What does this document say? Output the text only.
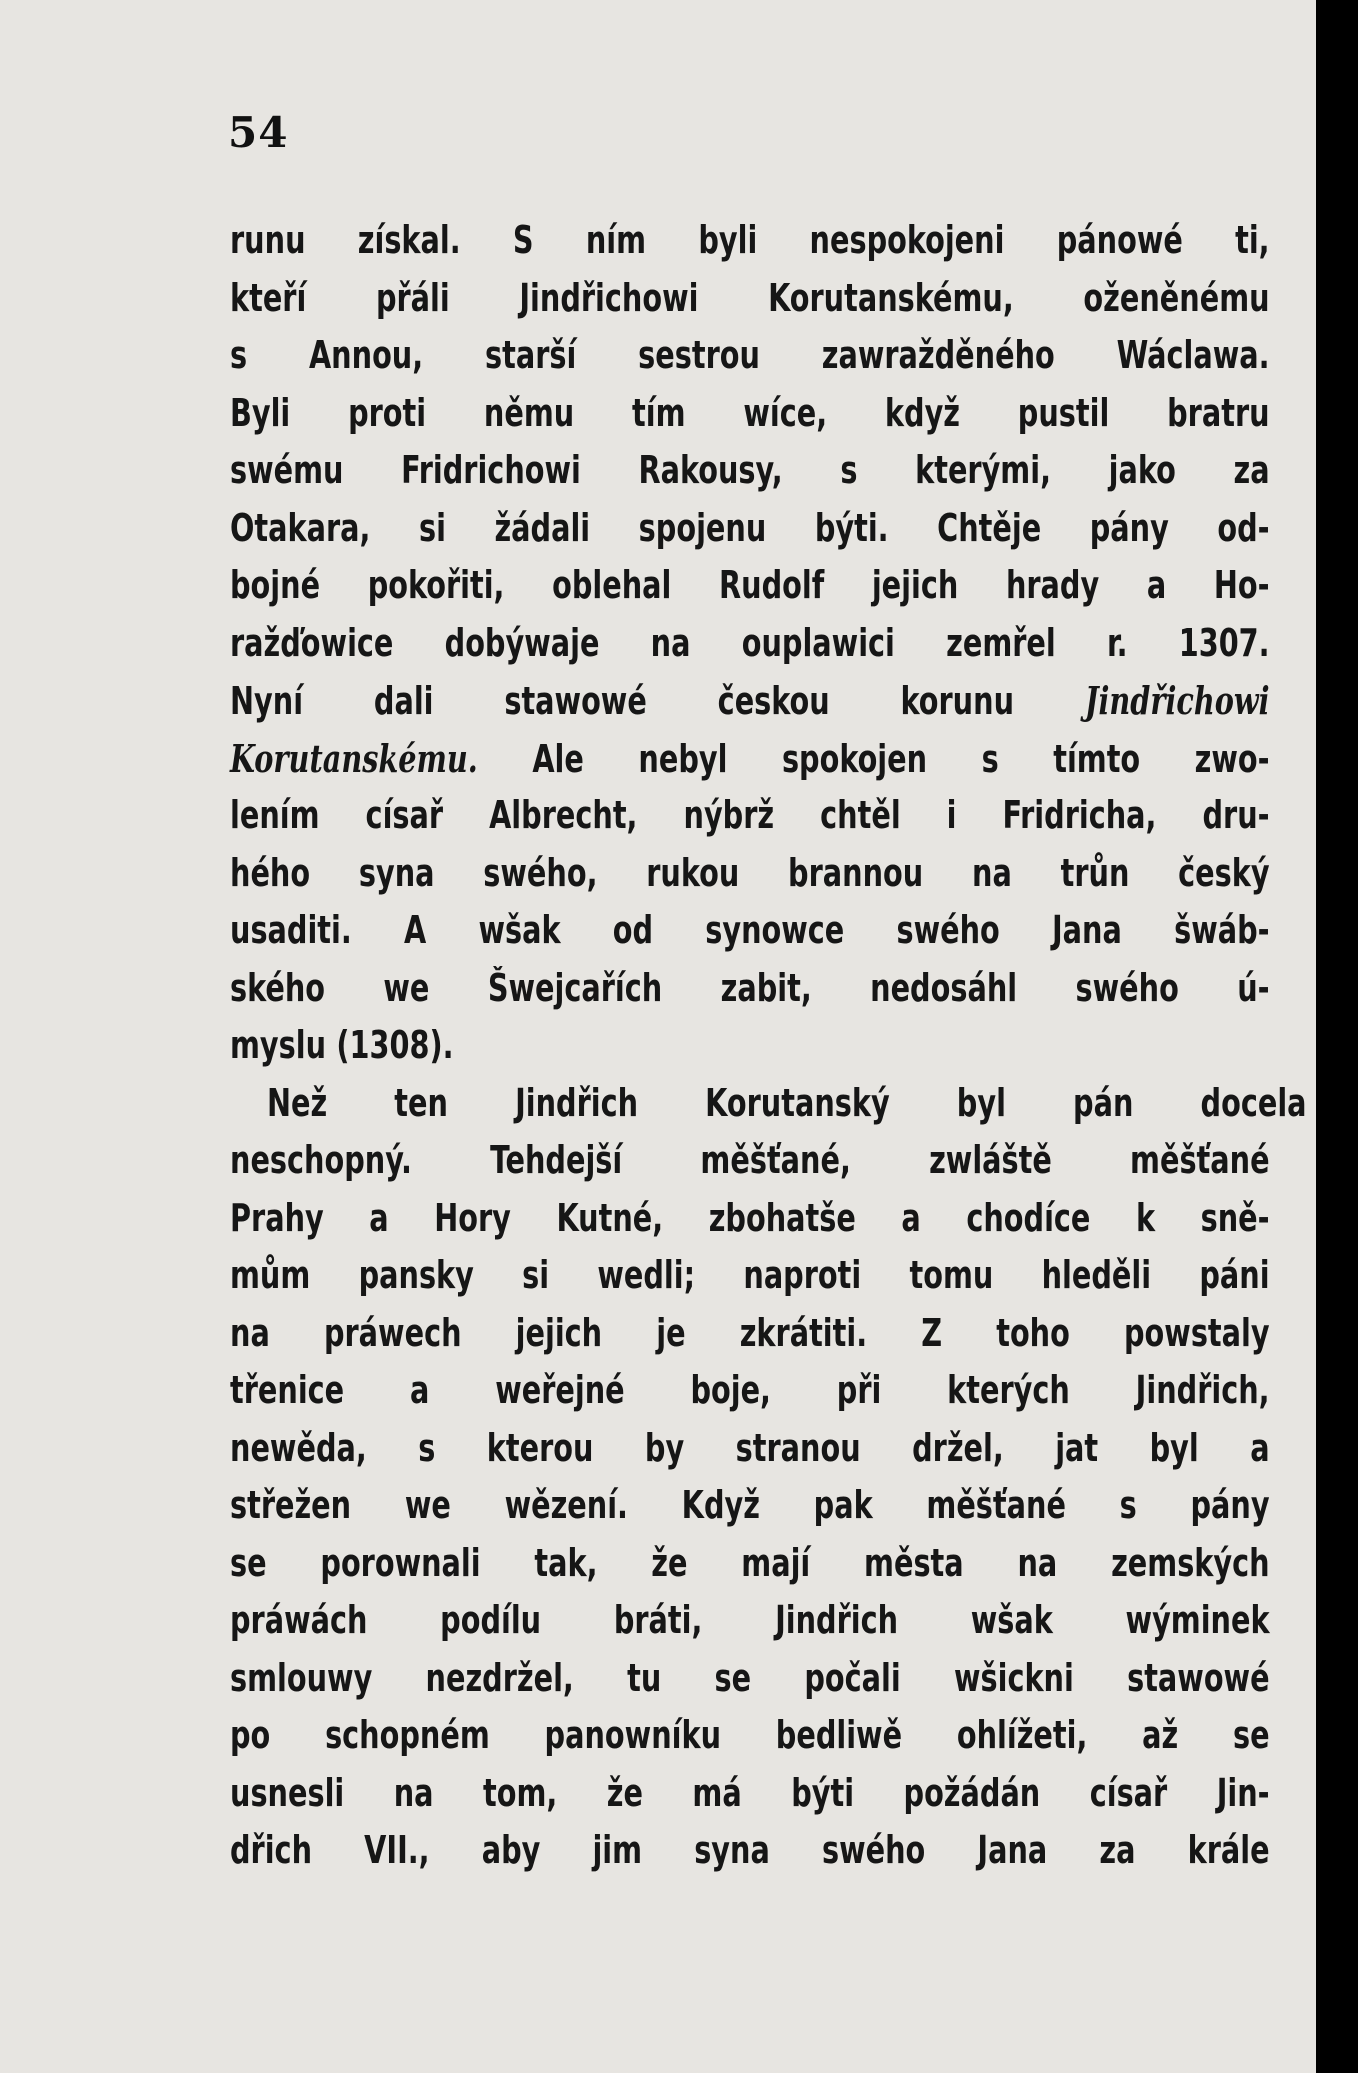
54
runu získal. S ním byli nespokojeni pánowé ti,
kteří přáli Jindřichowi Korutanskému, oženěnému
s Annou, starší sestrou zawražděného Wáclawa.
Byli proti němu tím wíce, když pustil bratru
swému Fridrichowi Rakousy, s kterými, jako za
Otakara, si žádali spojenu býti. Chtěje pány od-
bojné pokořiti, oblehal Rudolf jejich hrady a Ho-
ražďowice dobýwaje na ouplawici zemřel r. 1307.
Nyní dali stawowé českou korunu Jindřichowi
Korutanskému. Ale nebyl spokojen s tímto zwo-
lením císař Albrecht, nýbrž chtěl i Fridricha, dru-
hého syna swého, rukou brannou na trůn český
usaditi. A wšak od synowce swého Jana šwáb-
ského we Šwejcařích zabit, nedosáhl swého ú-
myslu (1308).
Než ten Jindřich Korutanský byl pán docela
neschopný. Tehdejší měšťané, zwláště měšťané
Prahy a Hory Kutné, zbohatše a chodíce k sně-
mům pansky si wedli; naproti tomu hleděli páni
na práwech jejich je zkrátiti. Z toho powstaly
třenice a weřejné boje, při kterých Jindřich,
newěda, s kterou by stranou držel, jat byl a
střežen we wězení. Když pak měšťané s pány
se porownali tak, že mají města na zemských
práwách podílu bráti, Jindřich wšak wýminek
smlouwy nezdržel, tu se počali wšickni stawowé
po schopném panowníku bedliwě ohlížeti, až se
usnesli na tom, že má býti požádán císař Jin-
dřich VII., aby jim syna swého Jana za krále
